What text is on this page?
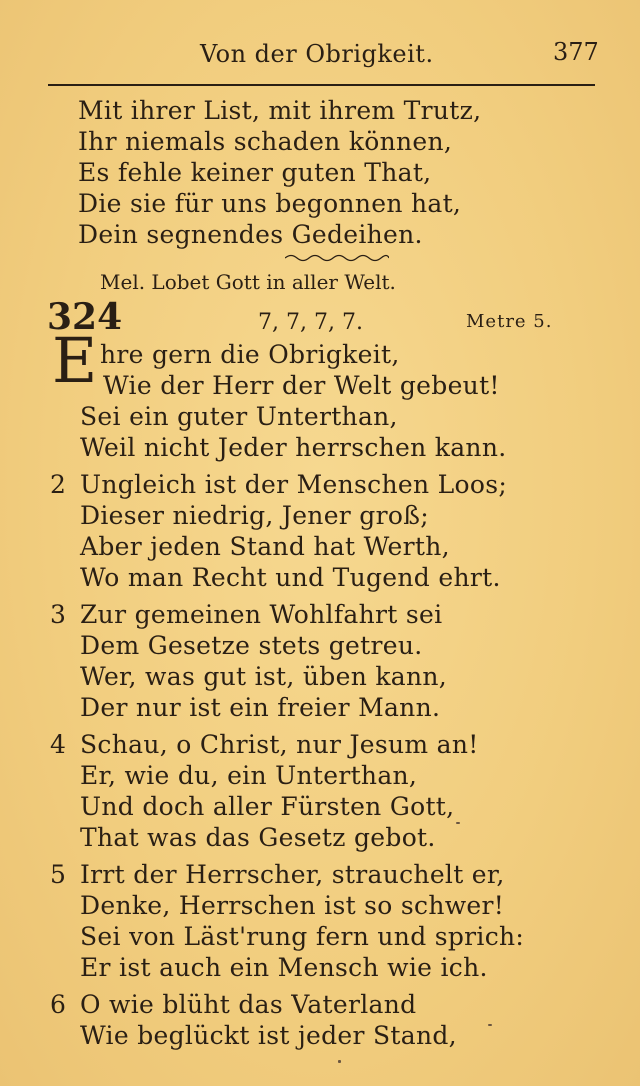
Von der Obrigkeit.	377
Mit ihrer List, mit ihrem Trutz,
Ihr niemals schaden können,
Es fehle keiner guten That,
Die sie für uns begonnen hat,
Dein segnendes Gedeihen.
Mel. Lobet Gott in aller Welt.
324	7, 7, 7, 7.	Metre 5.
E hre gern die Obrigkeit,
Wie der Herr der Welt gebeut!
Sei ein guter Unterthan,
Weil nicht Jeder herrschen kann.
2 Ungleich ist der Menschen Loos;
Dieser niedrig, Jener groß;
Aber jeden Stand hat Werth,
Wo man Recht und Tugend ehrt.
3 Zur gemeinen Wohlfahrt sei
Dem Gesetze stets getreu.
Wer, was gut ist, üben kann,
Der nur ist ein freier Mann.
4 Schau, o Christ, nur Jesum an!
Er, wie du, ein Unterthan,
Und doch aller Fürsten Gott,
That was das Gesetz gebot.
5 Irrt der Herrscher, strauchelt er,
Denke, Herrschen ist so schwer!
Sei von Läst'rung fern und sprich:
Er ist auch ein Mensch wie ich.
6 O wie blüht das Vaterland
Wie beglückt ist jeder Stand,
